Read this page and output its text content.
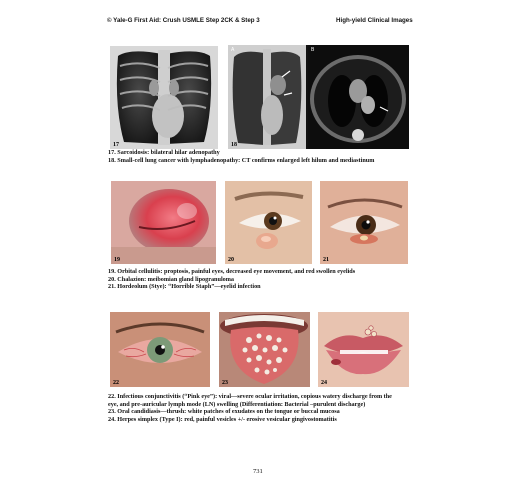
© Yale-G First Aid: Crush USMLE Step 2CK & Step 3	High-yield Clinical Images
17
A	B
18
17. Sarcoidosis: bilateral hilar adenopathy
18. Small-cell lung cancer with lymphadenopathy: CT confirms enlarged left hilum and mediastinum
19	20	21
19. Orbital cellulitis: proptosis, painful eyes, decreased eye movement, and red swollen eyelids
20. Chalazion: meibomian gland lipogranuloma
21. Hordeolum (Stye): “Horrible Staph”—eyelid infection
22	23	24
22. Infectious conjunctivitis (“Pink eye”): viral—severe ocular irritation, copious watery discharge from the
eye, and pre-auricular lymph mode (LN) swelling (Differentiation: Bacterial –purulent discharge)
23. Oral candidiasis—thrush: white patches of exudates on the tongue or buccal mucosa
24. Herpes simplex (Type I): red, painful vesicles +/- erosive vesicular gingivostomatitis
731
